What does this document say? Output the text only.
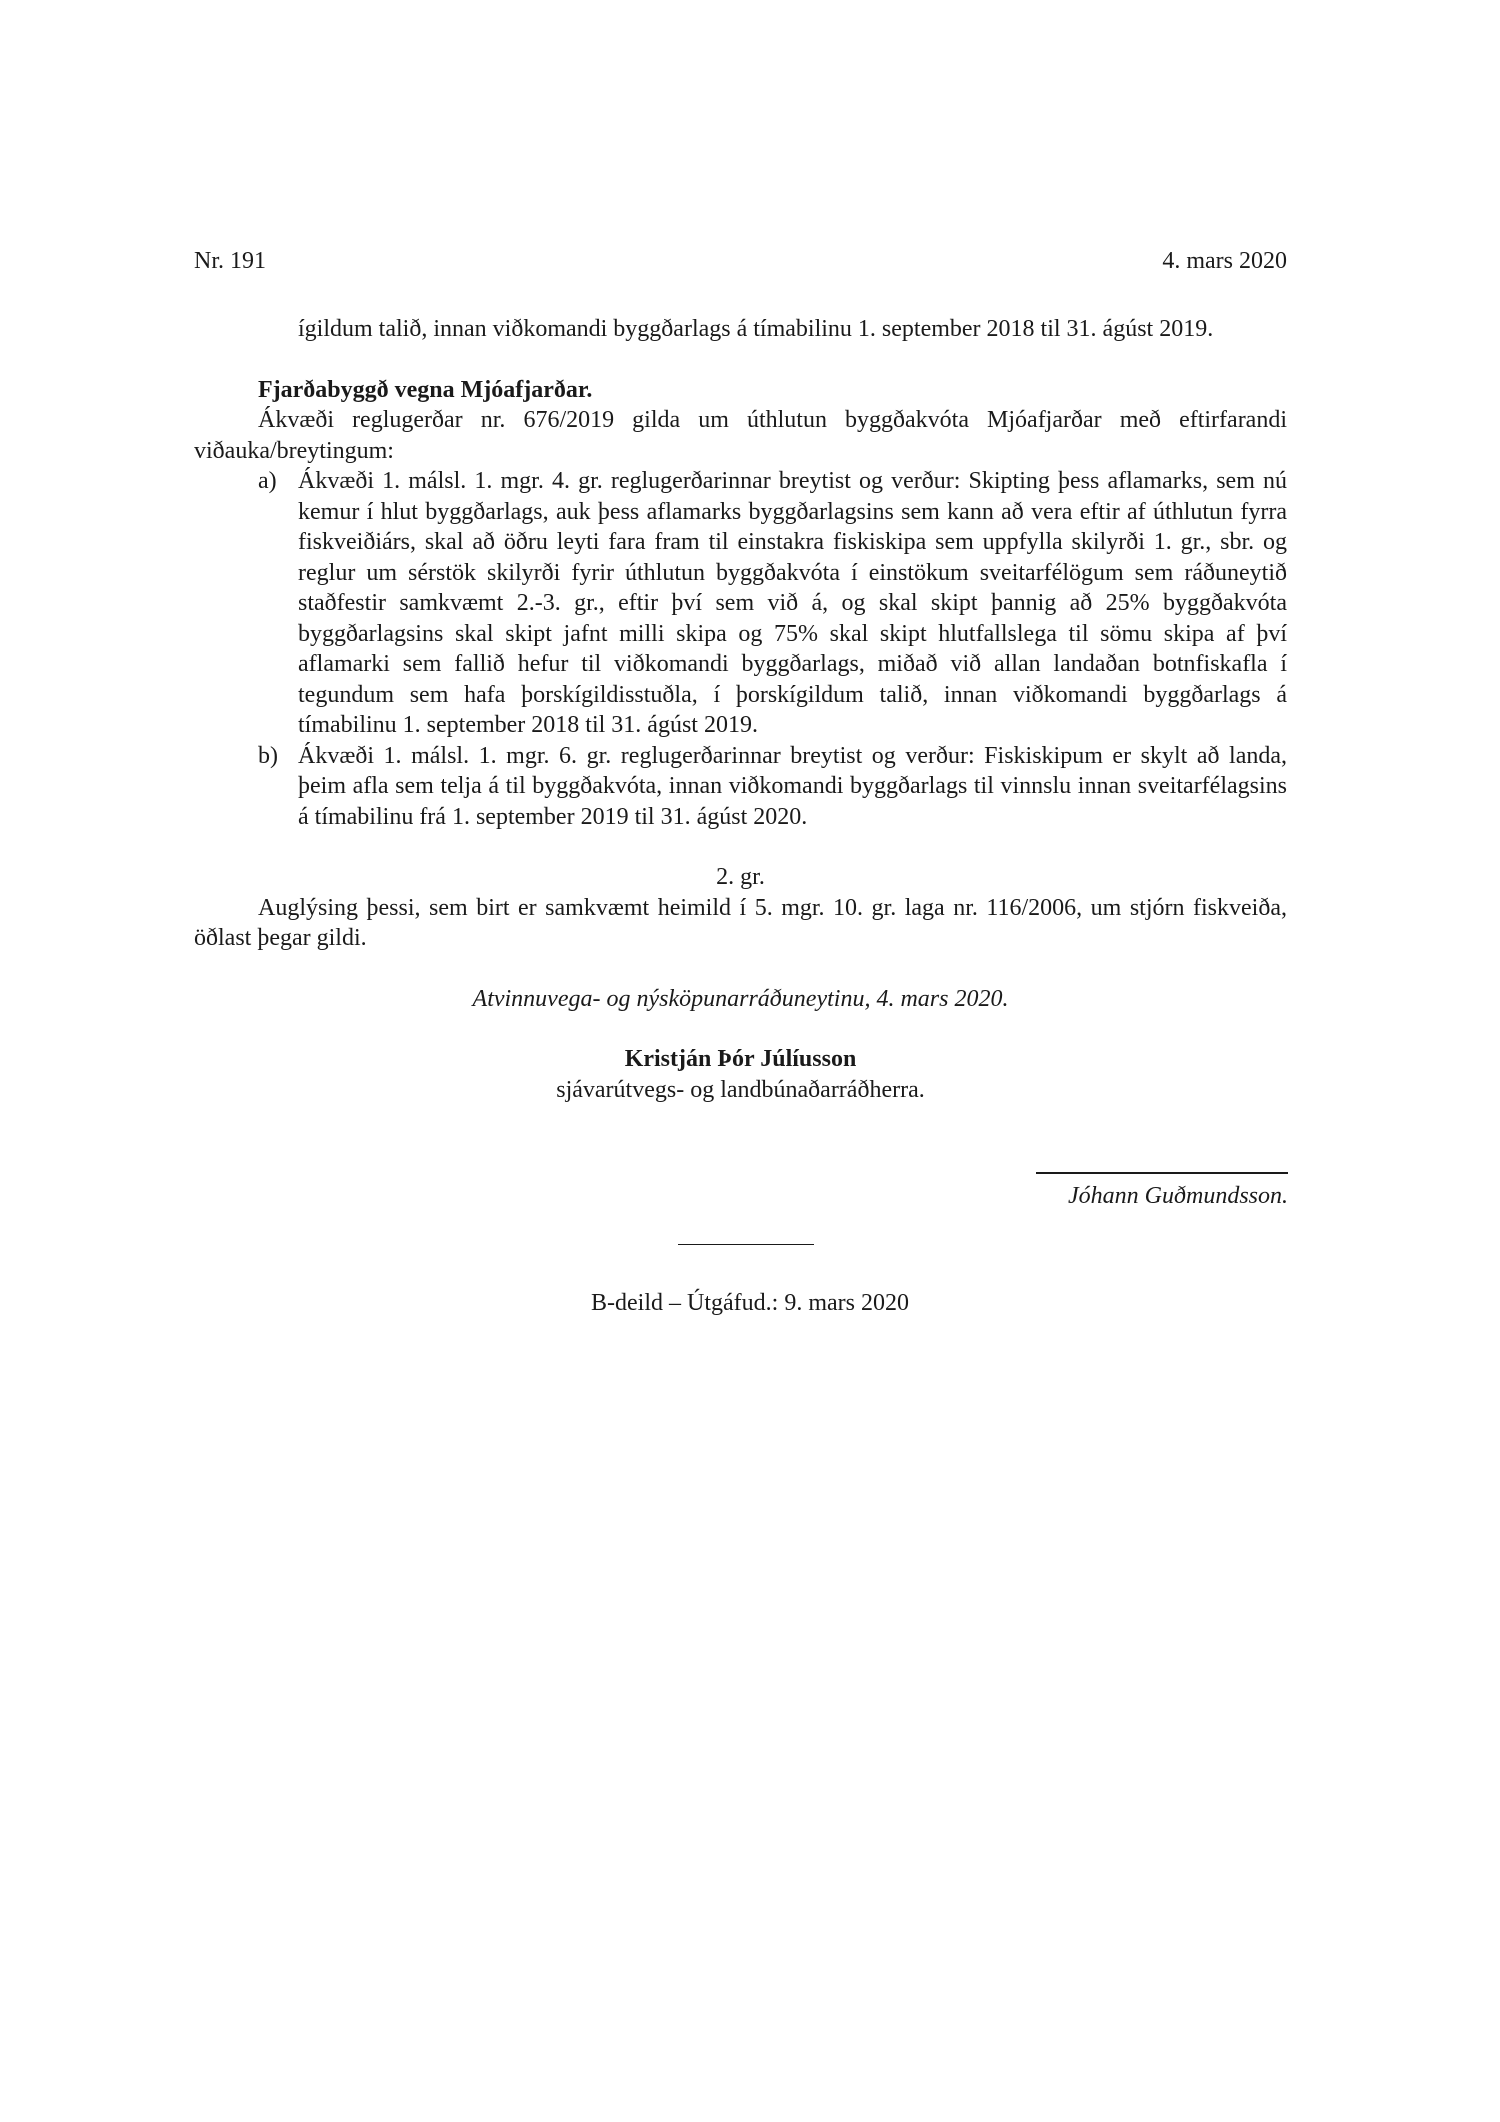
Nr. 191	4. mars 2020

ígildum talið, innan viðkomandi byggðarlags á tímabilinu 1. september 2018 til 31. ágúst 2019.

Fjarðabyggð vegna Mjóafjarðar.

Ákvæði reglugerðar nr. 676/2019 gilda um úthlutun byggðakvóta Mjóafjarðar með eftirfarandi viðauka/breytingum:

a) Ákvæði 1. málsl. 1. mgr. 4. gr. reglugerðarinnar breytist og verður: Skipting þess aflamarks, sem nú kemur í hlut byggðarlags, auk þess aflamarks byggðarlagsins sem kann að vera eftir af úthlutun fyrra fiskveiðiárs, skal að öðru leyti fara fram til einstakra fiskiskipa sem uppfylla skilyrði 1. gr., sbr. og reglur um sérstök skilyrði fyrir úthlutun byggðakvóta í einstökum sveitarfélögum sem ráðuneytið staðfestir samkvæmt 2.-3. gr., eftir því sem við á, og skal skipt þannig að 25% byggðakvóta byggðarlagsins skal skipt jafnt milli skipa og 75% skal skipt hlutfallslega til sömu skipa af því aflamarki sem fallið hefur til viðkomandi byggðarlags, miðað við allan landaðan botnfiskafla í tegundum sem hafa þorskígildisstuðla, í þorskígildum talið, innan viðkomandi byggðarlags á tímabilinu 1. september 2018 til 31. ágúst 2019.
b) Ákvæði 1. málsl. 1. mgr. 6. gr. reglugerðarinnar breytist og verður: Fiskiskipum er skylt að landa, þeim afla sem telja á til byggðakvóta, innan viðkomandi byggðarlags til vinnslu innan sveitarfélagsins á tímabilinu frá 1. september 2019 til 31. ágúst 2020.

2. gr.

Auglýsing þessi, sem birt er samkvæmt heimild í 5. mgr. 10. gr. laga nr. 116/2006, um stjórn fiskveiða, öðlast þegar gildi.

Atvinnuvega- og nýsköpunarráðuneytinu, 4. mars 2020.

Kristján Þór Júlíusson

sjávarútvegs- og landbúnaðarráðherra.

Jóhann Guðmundsson.
B-deild – Útgáfud.: 9. mars 2020
